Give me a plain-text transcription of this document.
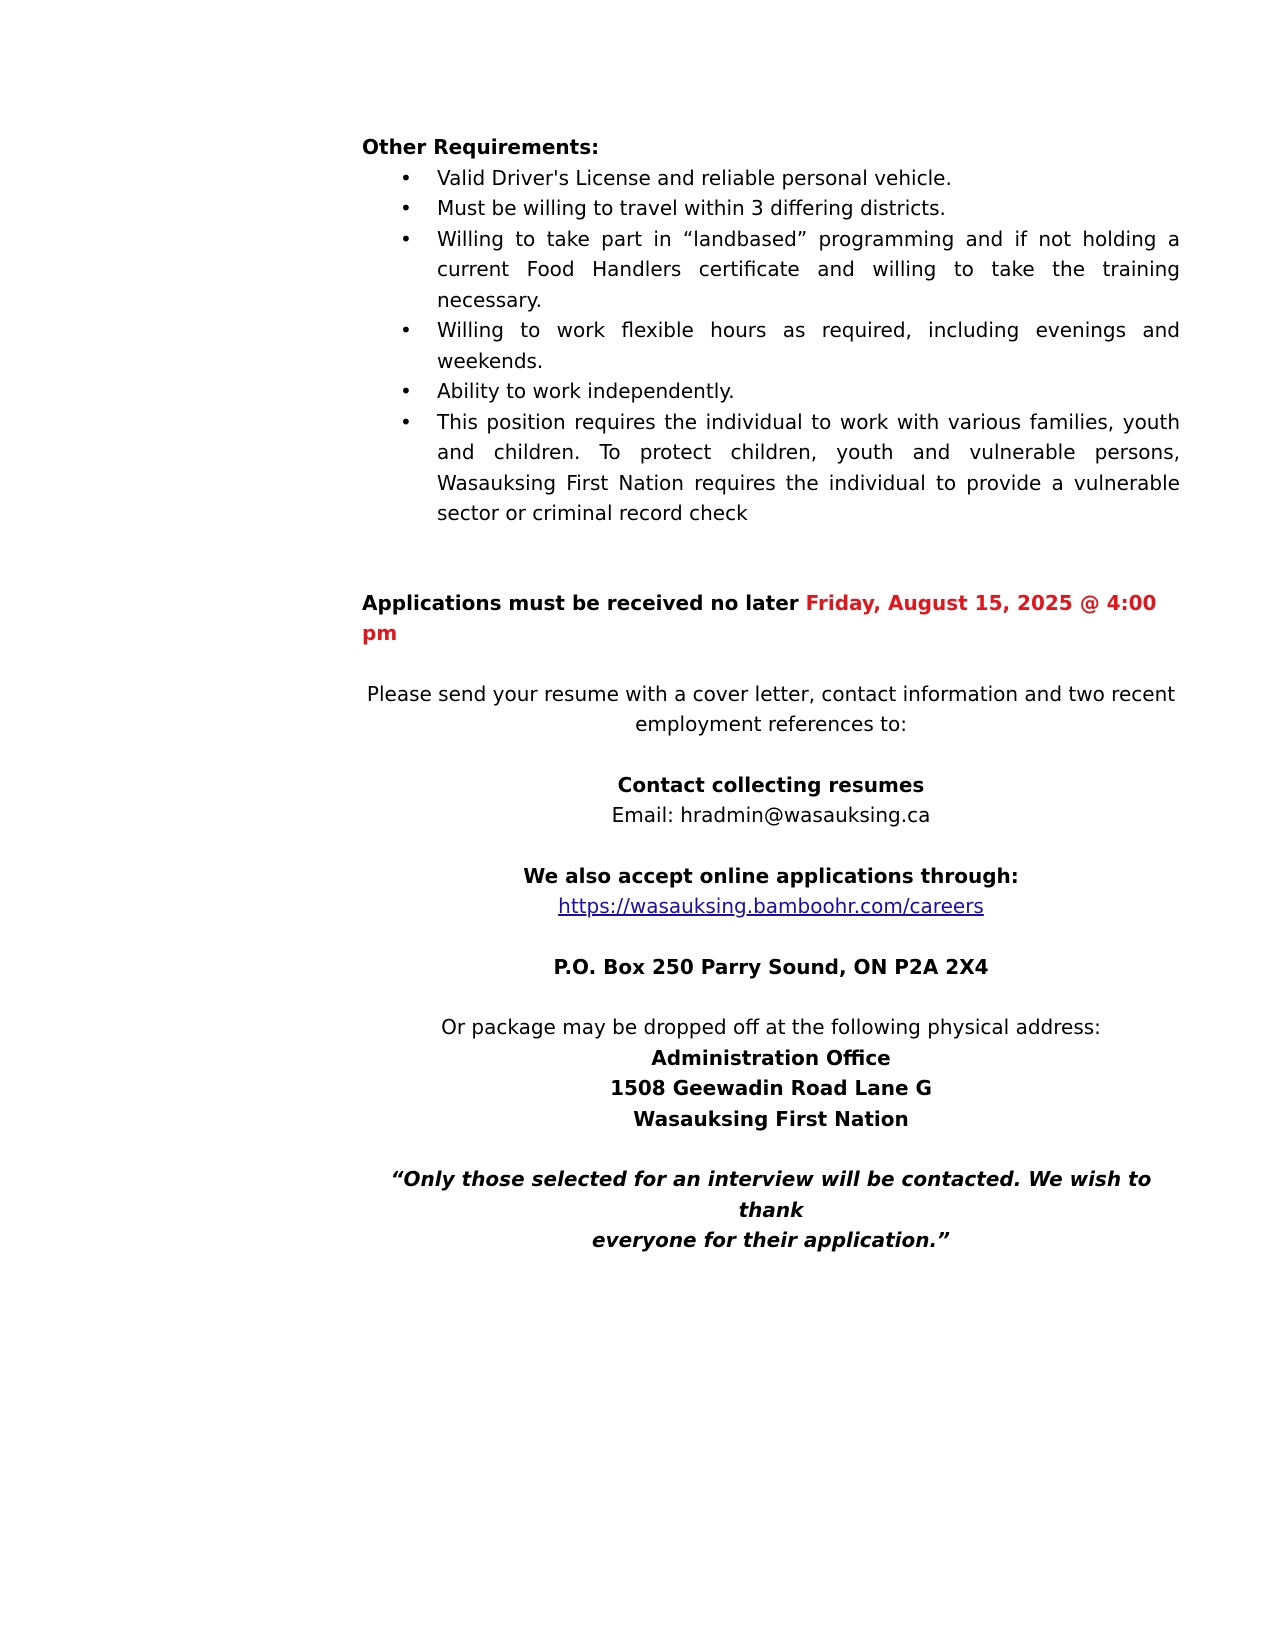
Other Requirements:

• Valid Driver's License and reliable personal vehicle.
• Must be willing to travel within 3 differing districts.
• Willing to take part in “landbased” programming and if not holding a current Food Handlers certificate and willing to take the training necessary.
• Willing to work flexible hours as required, including evenings and weekends.
• Ability to work independently.
• This position requires the individual to work with various families, youth and children. To protect children, youth and vulnerable persons, Wasauksing First Nation requires the individual to provide a vulnerable sector or criminal record check
Applications must be received no later Friday, August 15, 2025 @ 4:00 pm
Please send your resume with a cover letter, contact information and two recent
employment references to:
Contact collecting resumes
Email: hradmin@wasauksing.ca
We also accept online applications through:
https://wasauksing.bamboohr.com/careers
P.O. Box 250 Parry Sound, ON P2A 2X4
Or package may be dropped off at the following physical address:
Administration Office
1508 Geewadin Road Lane G
Wasauksing First Nation
“Only those selected for an interview will be contacted. We wish to thank
everyone for their application.”
